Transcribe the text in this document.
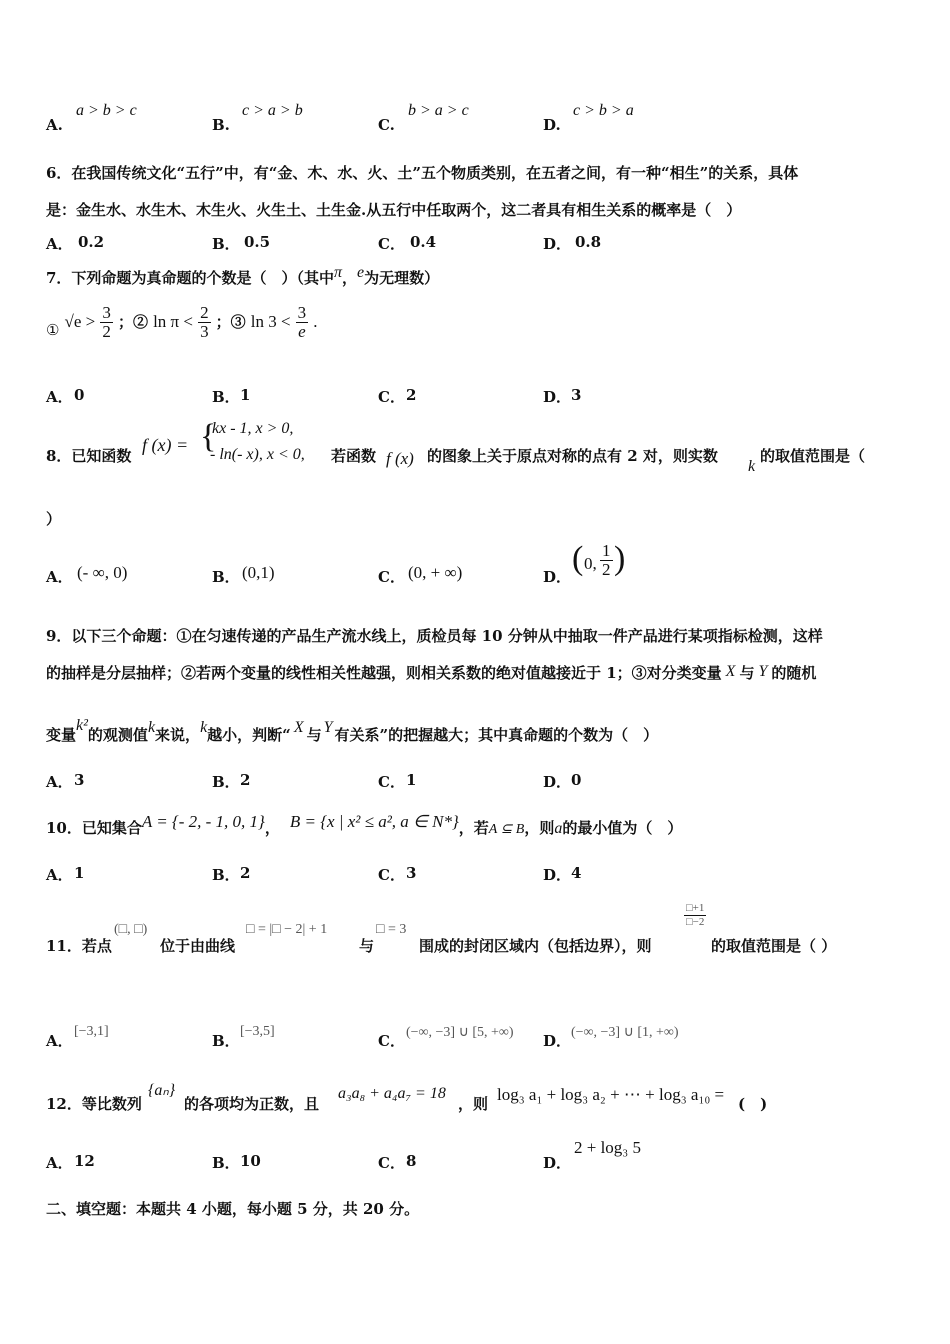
A.
a > b > c
B.
c > a > b
C.
b > a > c
D.
c > b > a
6．在我国传统文化“五行”中，有“金、木、水、火、土”五个物质类别，在五者之间，有一种“相生”的关系，具体
是：金生水、水生木、木生火、火生土、土生金.从五行中任取两个，这二者具有相生关系的概率是（　）
A． 0.2	B． 0.5	C． 0.4	D． 0.8
7．下列命题为真命题的个数是（　）（其中π，e为无理数）
① $√e > \frac{3}{2}$ ；② $\ln \pi < \frac{2}{3}$ ；③ $\ln 3 < \frac{3}{e}$ .
A． 0	B． 1	C． 2	D． 3
8．已知函数
f (x) = {
kx - 1, x > 0,
- ln(- x), x < 0, 若函数 f (x) 的图象上关于原点对称的点有 2 对，则实数
k
的取值范围是（
）
A． (- ∞, 0)	B． (0,1)	C． (0, + ∞)	D． ( 0, $\frac{1}{2}$ )
9．以下三个命题：①在匀速传递的产品生产流水线上，质检员每 10 分钟从中抽取一件产品进行某项指标检测，这样
的抽样是分层抽样；②若两个变量的线性相关性越强，则相关系数的绝对值越接近于 1；③对分类变量 X 与 Y 的随机
变量k²的观测值k来说，k越小，判断“ X 与 Y 有关系”的把握越大；其中真命题的个数为（　）
A． 3	B． 2	C． 1	D． 0
10．已知集合A = {- 2, - 1, 0, 1}， B = {x | x² ≤ a², a ∈ N*}，若A ⊆ B，则a的最小值为（　）
A． 1	B． 2	C． 3	D． 4
11．若点
(□, □)
位于由曲线
□ = |□ − 2| + 1
与
□ = 3
围成的封闭区域内（包括边界），则
$\frac{□+1}{□-2}$
的取值范围是（ ）
A．
[−3,1]
B．
[−3,5]
C． (−∞, −3] ∪ [5, +∞) D． (−∞, −3] ∪ [1, +∞)
12．等比数列
{aₙ}
的各项均为正数，且
a₃a₈ + a₄a₇ = 18
，则 log₃ a₁ + log₃ a₂ + ⋯ + log₃ a₁₀ = (　)
A． 12	B． 10	C． 8	D．
2 + log₃ 5
二、填空题：本题共 4 小题，每小题 5 分，共 20 分。
